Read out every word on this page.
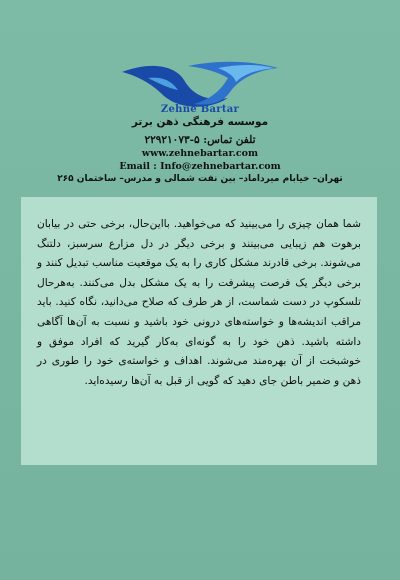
Zehne Bartar
موسسه فرهنگی ذهن برتر
تلفن تماس: ۵-۲۲۹۲۱۰۷۳
www.zehnebartar.com
Email : Info@zehnebartar.com
تهران– خیابام میرداماد– بین نفت شمالی و مدرس– ساختمان ۲۶۵

شما همان چیزی را می‌بینید که می‌خواهید. بااین‌حال، برخی حتی در بیابان برهوت هم زیبایی می‌بینند و برخی دیگر در دل مزارع سرسبز، دلتنگ می‌شوند. برخی قادرند مشکل کاری را به یک موقعیت مناسب تبدیل کنند و برخی دیگر یک فرصت پیشرفت را به یک مشکل بدل می‌کنند. به‌هرحال تلسکوپ در دست شماست، از هر طرف که صلاح می‌دانید، نگاه کنید. باید مراقب اندیشه‌ها و خواسته‌های درونی خود باشید و نسبت به آن‌ها آگاهی داشته باشید. ذهن خود را به گونه‌ای به‌کار گیرید که افراد موفق و خوشبخت از آن بهره‌مند می‌شوند. اهداف و خواسته‌ی خود را طوری در ذهن و ضمیر باطن جای دهید که گویی از قبل به آن‌ها رسیده‌اید.
